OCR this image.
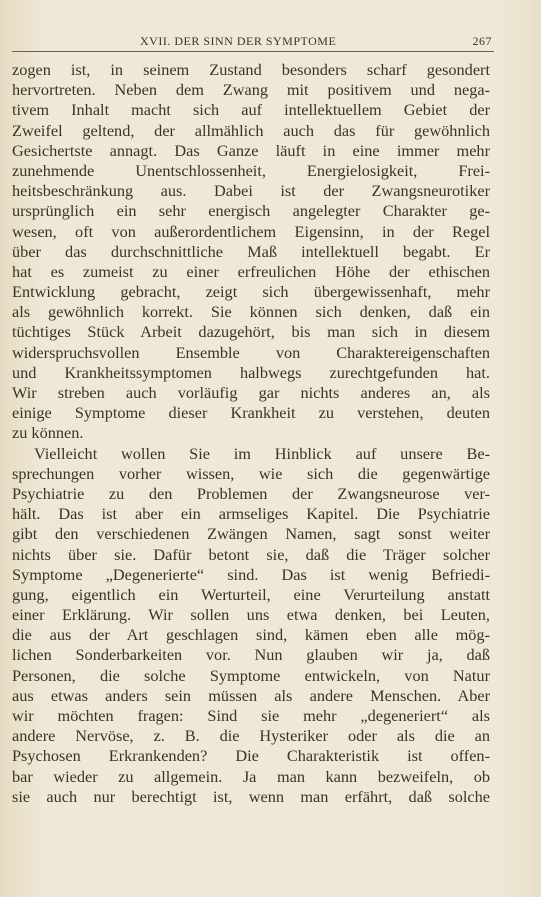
XVII. DER SINN DER SYMPTOME	267
zogen ist, in seinem Zustand besonders scharf gesondert
hervortreten. Neben dem Zwang mit positivem und nega-
tivem Inhalt macht sich auf intellektuellem Gebiet der
Zweifel geltend, der allmählich auch das für gewöhnlich
Gesichertste annagt. Das Ganze läuft in eine immer mehr
zunehmende Unentschlossenheit, Energielosigkeit, Frei-
heitsbeschränkung aus. Dabei ist der Zwangsneurotiker
ursprünglich ein sehr energisch angelegter Charakter ge-
wesen, oft von außerordentlichem Eigensinn, in der Regel
über das durchschnittliche Maß intellektuell begabt. Er
hat es zumeist zu einer erfreulichen Höhe der ethischen
Entwicklung gebracht, zeigt sich übergewissenhaft, mehr
als gewöhnlich korrekt. Sie können sich denken, daß ein
tüchtiges Stück Arbeit dazugehört, bis man sich in diesem
widerspruchsvollen Ensemble von Charaktereigenschaften
und Krankheitssymptomen halbwegs zurechtgefunden hat.
Wir streben auch vorläufig gar nichts anderes an, als
einige Symptome dieser Krankheit zu verstehen, deuten
zu können.
Vielleicht wollen Sie im Hinblick auf unsere Be-
sprechungen vorher wissen, wie sich die gegenwärtige
Psychiatrie zu den Problemen der Zwangsneurose ver-
hält. Das ist aber ein armseliges Kapitel. Die Psychiatrie
gibt den verschiedenen Zwängen Namen, sagt sonst weiter
nichts über sie. Dafür betont sie, daß die Träger solcher
Symptome „Degenerierte“ sind. Das ist wenig Befriedi-
gung, eigentlich ein Werturteil, eine Verurteilung anstatt
einer Erklärung. Wir sollen uns etwa denken, bei Leuten,
die aus der Art geschlagen sind, kämen eben alle mög-
lichen Sonderbarkeiten vor. Nun glauben wir ja, daß
Personen, die solche Symptome entwickeln, von Natur
aus etwas anders sein müssen als andere Menschen. Aber
wir möchten fragen: Sind sie mehr „degeneriert“ als
andere Nervöse, z. B. die Hysteriker oder als die an
Psychosen Erkrankenden? Die Charakteristik ist offen-
bar wieder zu allgemein. Ja man kann bezweifeln, ob
sie auch nur berechtigt ist, wenn man erfährt, daß solche
